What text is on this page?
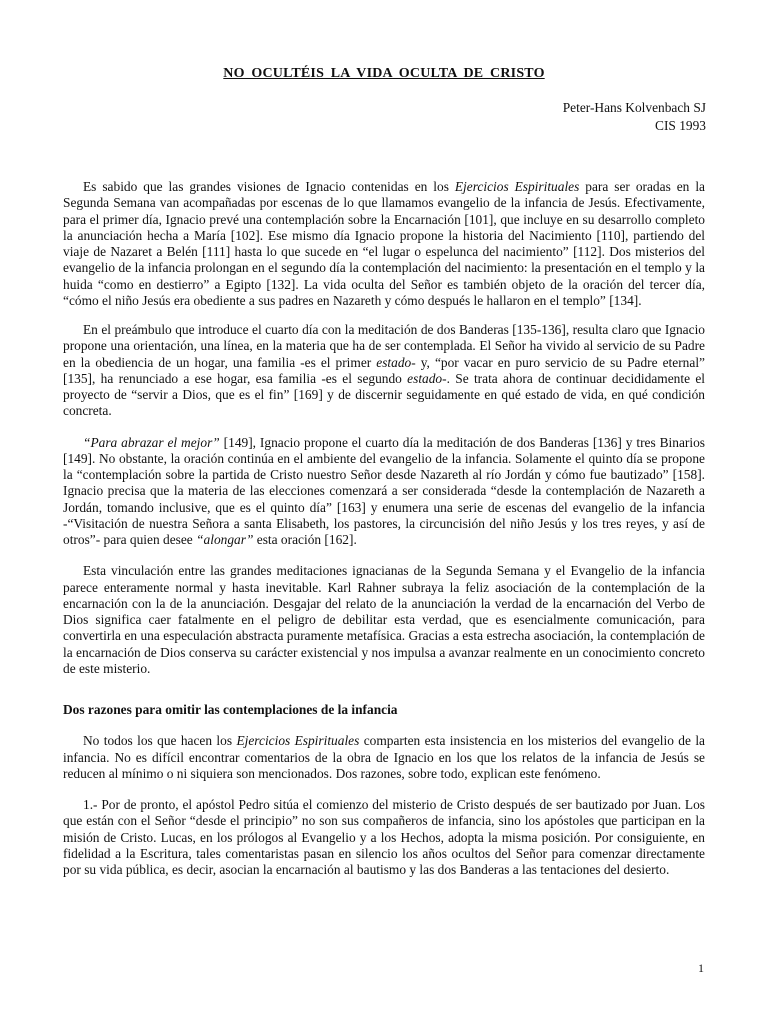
NO OCULTÉIS LA VIDA OCULTA DE CRISTO
Peter-Hans Kolvenbach SJ
CIS 1993

Es sabido que las grandes visiones de Ignacio contenidas en los Ejercicios Espirituales para ser oradas en la Segunda Semana van acompañadas por escenas de lo que llamamos evangelio de la infancia de Jesús. Efectivamente, para el primer día, Ignacio prevé una contemplación sobre la Encarnación [101], que incluye en su desarrollo completo la anunciación hecha a María [102]. Ese mismo día Ignacio propone la historia del Nacimiento [110], partiendo del viaje de Nazaret a Belén [111] hasta lo que sucede en “el lugar o espelunca del nacimiento” [112]. Dos misterios del evangelio de la infancia prolongan en el segundo día la contemplación del nacimiento: la presentación en el templo y la huida “como en destierro” a Egipto [132]. La vida oculta del Señor es también objeto de la oración del tercer día, “cómo el niño Jesús era obediente a sus padres en Nazareth y cómo después le hallaron en el templo” [134].

En el preámbulo que introduce el cuarto día con la meditación de dos Banderas [135-136], resulta claro que Ignacio propone una orientación, una línea, en la materia que ha de ser contemplada. El Señor ha vivido al servicio de su Padre en la obediencia de un hogar, una familia -es el primer estado- y, “por vacar en puro servicio de su Padre eternal” [135], ha renunciado a ese hogar, esa familia -es el segundo estado-. Se trata ahora de continuar decididamente el proyecto de “servir a Dios, que es el fin” [169] y de discernir seguidamente en qué estado de vida, en qué condición concreta.

“Para abrazar el mejor” [149], Ignacio propone el cuarto día la meditación de dos Banderas [136] y tres Binarios [149]. No obstante, la oración continúa en el ambiente del evangelio de la infancia. Solamente el quinto día se propone la “contemplación sobre la partida de Cristo nuestro Señor desde Nazareth al río Jordán y cómo fue bautizado” [158]. Ignacio precisa que la materia de las elecciones comenzará a ser considerada “desde la contemplación de Nazareth a Jordán, tomando inclusive, que es el quinto día” [163] y enumera una serie de escenas del evangelio de la infancia -“Visitación de nuestra Señora a santa Elisabeth, los pastores, la circuncisión del niño Jesús y los tres reyes, y así de otros”- para quien desee “alongar” esta oración [162].

Esta vinculación entre las grandes meditaciones ignacianas de la Segunda Semana y el Evangelio de la infancia parece enteramente normal y hasta inevitable. Karl Rahner subraya la feliz asociación de la contemplación de la encarnación con la de la anunciación. Desgajar del relato de la anunciación la verdad de la encarnación del Verbo de Dios significa caer fatalmente en el peligro de debilitar esta verdad, que es esencialmente comunicación, para convertirla en una especulación abstracta puramente metafísica. Gracias a esta estrecha asociación, la contemplación de la encarnación de Dios conserva su carácter existencial y nos impulsa a avanzar realmente en un conocimiento concreto de este misterio.

Dos razones para omitir las contemplaciones de la infancia

No todos los que hacen los Ejercicios Espirituales comparten esta insistencia en los misterios del evangelio de la infancia. No es difícil encontrar comentarios de la obra de Ignacio en los que los relatos de la infancia de Jesús se reducen al mínimo o ni siquiera son mencionados. Dos razones, sobre todo, explican este fenómeno.

1.- Por de pronto, el apóstol Pedro sitúa el comienzo del misterio de Cristo después de ser bautizado por Juan. Los que están con el Señor “desde el principio” no son sus compañeros de infancia, sino los apóstoles que participan en la misión de Cristo. Lucas, en los prólogos al Evangelio y a los Hechos, adopta la misma posición. Por consiguiente, en fidelidad a la Escritura, tales comentaristas pasan en silencio los años ocultos del Señor para comenzar directamente por su vida pública, es decir, asocian la encarnación al bautismo y las dos Banderas a las tentaciones del desierto.

1
